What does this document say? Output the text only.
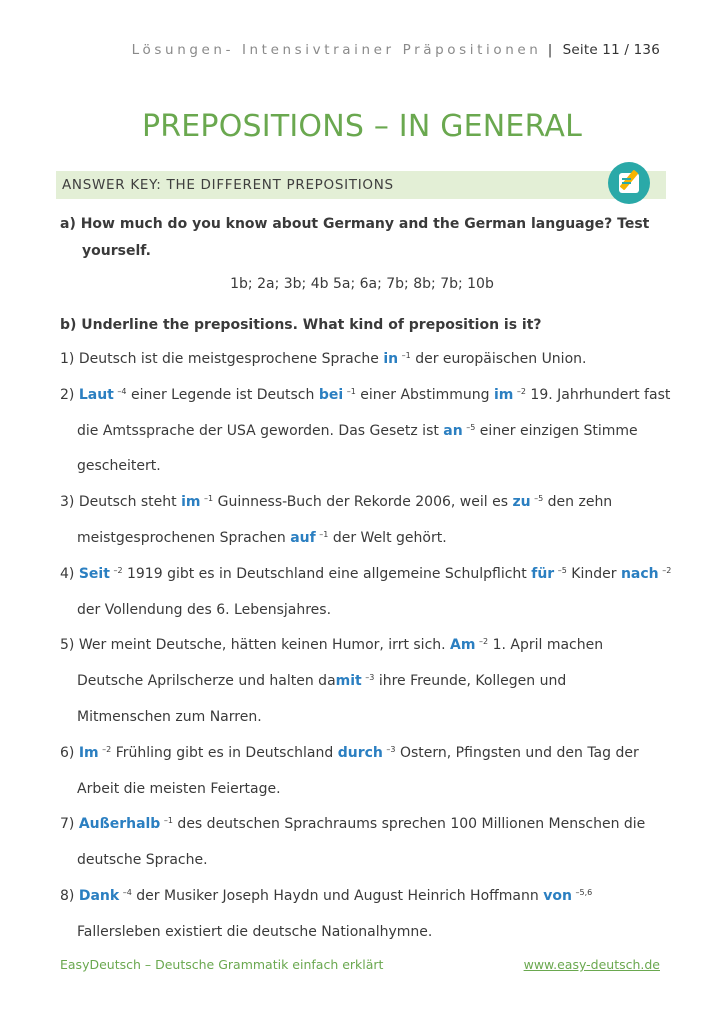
Lösungen- Intensivtrainer Präpositionen | Seite 11 / 136
PREPOSITIONS – IN GENERAL
ANSWER KEY: THE DIFFERENT PREPOSITIONS
a) How much do you know about Germany and the German language? Test
yourself.
1b; 2a; 3b; 4b 5a; 6a; 7b; 8b; 7b; 10b
b) Underline the prepositions. What kind of preposition is it?
1) Deutsch ist die meistgesprochene Sprache in $^{-1}$ der europäischen Union.
2) Laut $^{-4}$ einer Legende ist Deutsch bei $^{-1}$ einer Abstimmung im $^{-2}$ 19. Jahrhundert fast
die Amtssprache der USA geworden. Das Gesetz ist an $^{-5}$ einer einzigen Stimme
gescheitert.
3) Deutsch steht im $^{-1}$ Guinness-Buch der Rekorde 2006, weil es zu $^{-5}$ den zehn
meistgesprochenen Sprachen auf $^{-1}$ der Welt gehört.
4) Seit $^{-2}$ 1919 gibt es in Deutschland eine allgemeine Schulpflicht für $^{-5}$ Kinder nach $^{-2}$
der Vollendung des 6. Lebensjahres.
5) Wer meint Deutsche, hätten keinen Humor, irrt sich. Am $^{-2}$ 1. April machen
Deutsche Aprilscherze und halten damit $^{-3}$ ihre Freunde, Kollegen und
Mitmenschen zum Narren.
6) Im $^{-2}$ Frühling gibt es in Deutschland durch $^{-3}$ Ostern, Pfingsten und den Tag der
Arbeit die meisten Feiertage.
7) Außerhalb $^{-1}$ des deutschen Sprachraums sprechen 100 Millionen Menschen die
deutsche Sprache.
8) Dank $^{-4}$ der Musiker Joseph Haydn und August Heinrich Hoffmann von $^{-5,6}$
Fallersleben existiert die deutsche Nationalhymne.
EasyDeutsch – Deutsche Grammatik einfach erklärt	www.easy-deutsch.de
